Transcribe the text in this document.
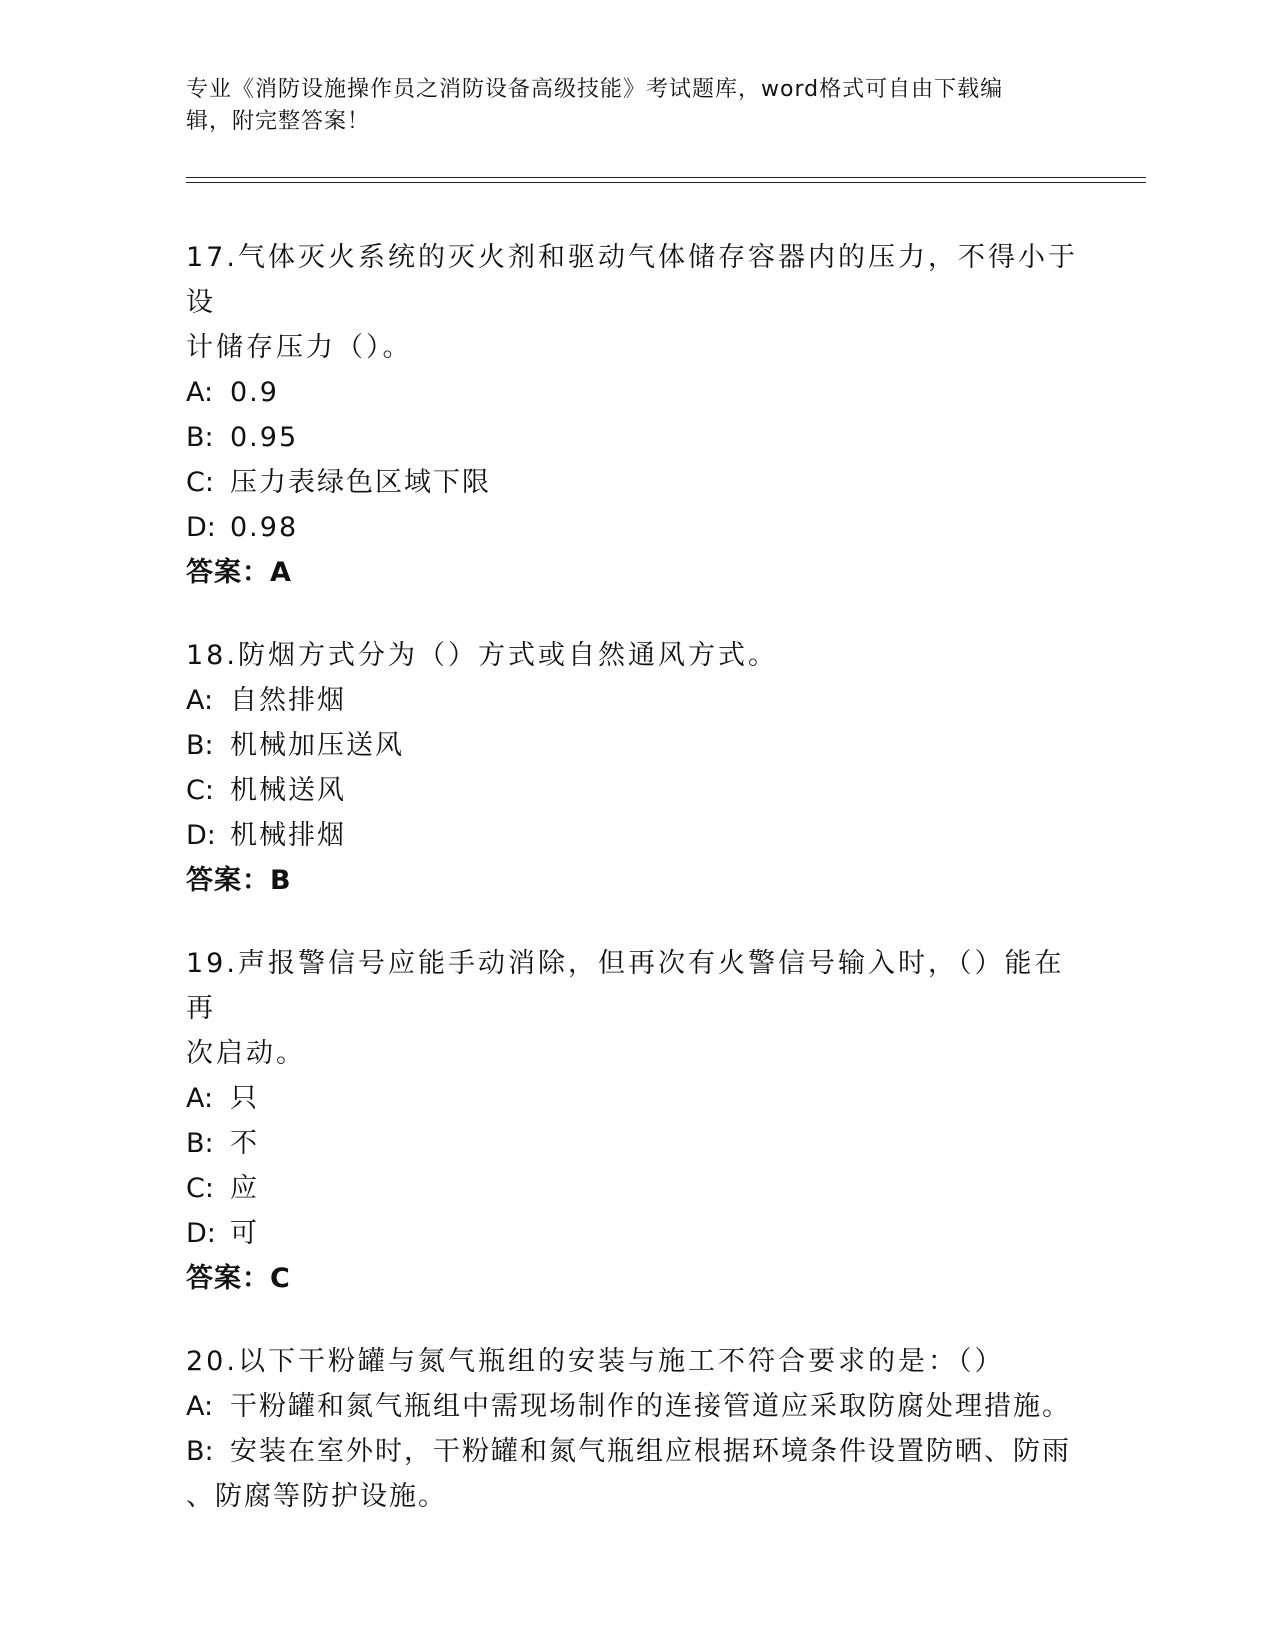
专业《消防设施操作员之消防设备高级技能》考试题库，word格式可自由下载编
辑，附完整答案！
17.气体灭火系统的灭火剂和驱动气体储存容器内的压力，不得小于设
计储存压力（）。
A: 0.9
B: 0.95
C: 压力表绿色区域下限
D: 0.98
答案：A
18.防烟方式分为（）方式或自然通风方式。
A: 自然排烟
B: 机械加压送风
C: 机械送风
D: 机械排烟
答案：B
19.声报警信号应能手动消除，但再次有火警信号输入时，（）能在再
次启动。
A: 只
B: 不
C: 应
D: 可
答案：C
20.以下干粉罐与氮气瓶组的安装与施工不符合要求的是：（）
A: 干粉罐和氮气瓶组中需现场制作的连接管道应采取防腐处理措施。
B: 安装在室外时，干粉罐和氮气瓶组应根据环境条件设置防晒、防雨
、防腐等防护设施。
